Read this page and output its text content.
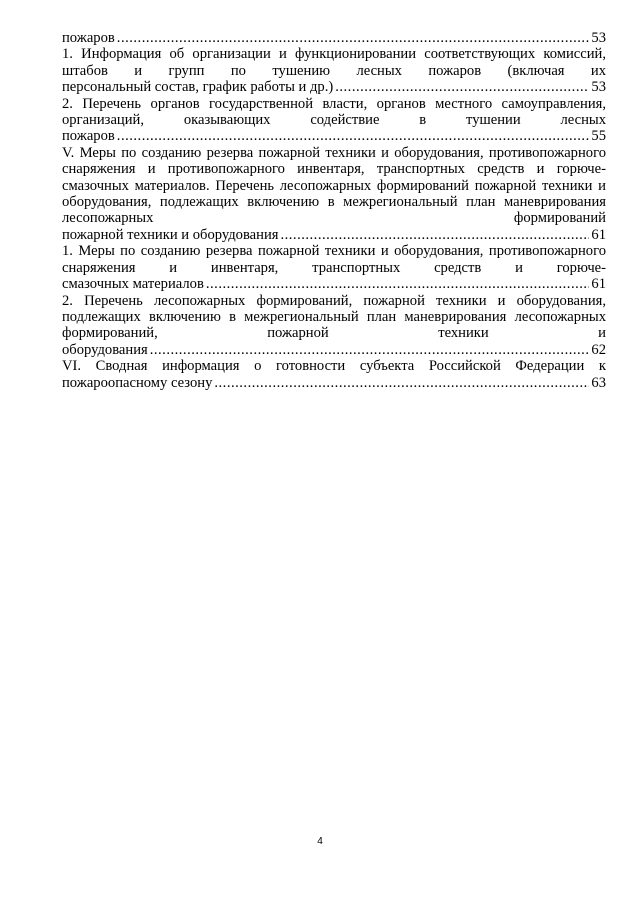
пожаров .....	53
1. Информация об организации и функционировании соответствующих комиссий, штабов и групп по тушению лесных пожаров (включая их
персональный состав, график работы и др.) .....	53
2. Перечень органов государственной власти, органов местного самоуправления, организаций, оказывающих содействие в тушении лесных
пожаров .....	55
V. Меры по созданию резерва пожарной техники и оборудования, противопожарного снаряжения и противопожарного инвентаря, транспортных средств и горюче-смазочных материалов. Перечень лесопожарных формирований пожарной техники и оборудования, подлежащих включению в межрегиональный план маневрирования лесопожарных формирований
пожарной техники и оборудования .....	61
1. Меры по созданию резерва пожарной техники и оборудования, противопожарного снаряжения и инвентаря, транспортных средств и горюче-
смазочных материалов .....	61
2. Перечень лесопожарных формирований, пожарной техники и оборудования, подлежащих включению в межрегиональный план маневрирования лесопожарных формирований, пожарной техники и
оборудования .....	62
VI. Сводная информация о готовности субъекта Российской Федерации к
пожароопасному сезону .....	63
4
